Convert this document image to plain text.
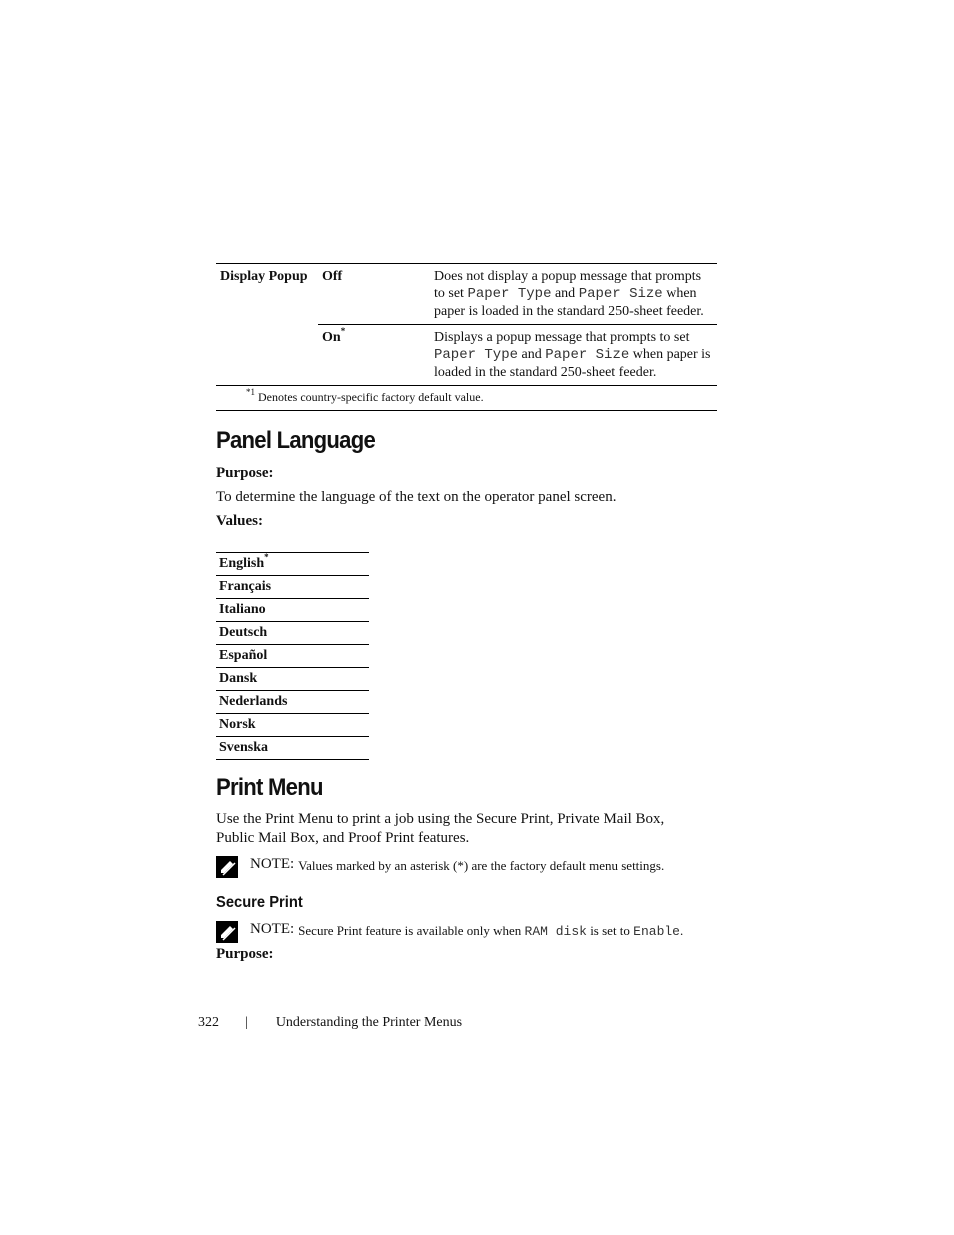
Display Popup	Off	Does not display a popup message that prompts to set Paper Type and Paper Size when paper is loaded in the standard 250-sheet feeder.
	On*	Displays a popup message that prompts to set Paper Type and Paper Size when paper is loaded in the standard 250-sheet feeder.
$^{*1}$ Denotes country-specific factory default value.		
Panel Language
Purpose:
To determine the language of the text on the operator panel screen.
Values:
English*
Français
Italiano
Deutsch
Español
Dansk
Nederlands
Norsk
Svenska
Print Menu
Use the Print Menu to print a job using the Secure Print, Private Mail Box, Public Mail Box, and Proof Print features.
NOTE: Values marked by an asterisk (*) are the factory default menu settings.
Secure Print
NOTE: Secure Print feature is available only when RAM disk is set to Enable.
Purpose:
322 | Understanding the Printer Menus
